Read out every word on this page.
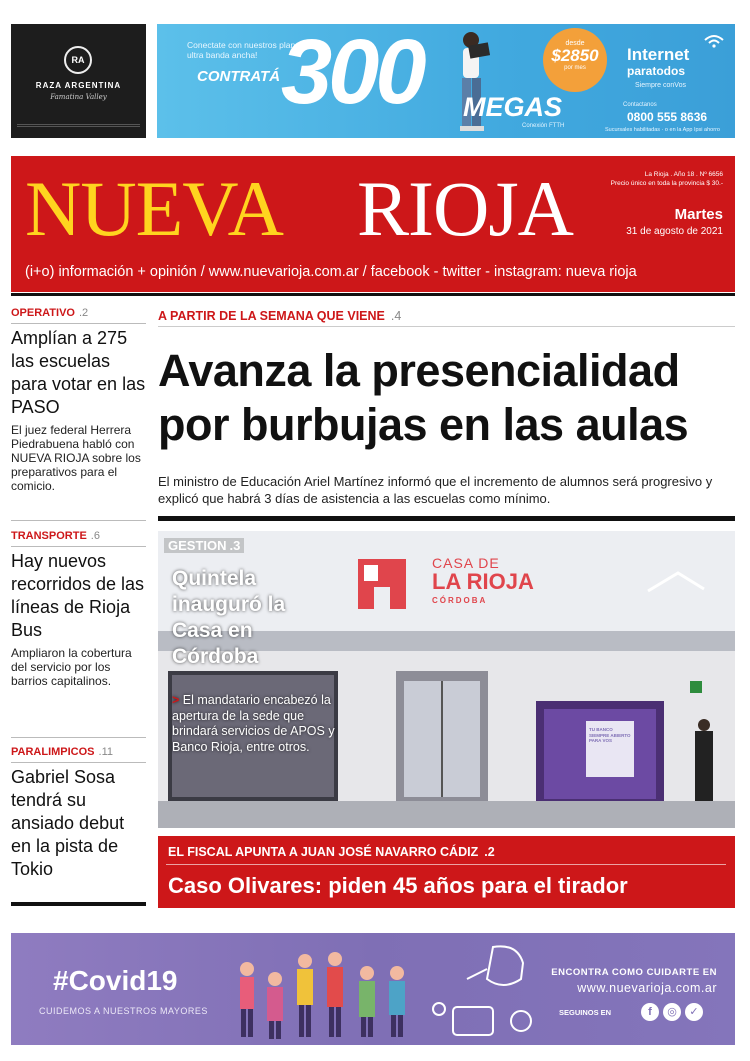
RA
RAZA ARGENTINA
Famatina Valley
Conectate con nuestros planes ultra banda ancha!
CONTRATÁ 300 MEGAS
Conexión FTTH
desde
$2850
por mes
Internet
paratodos
Siempre conVos
Contactanos
0800 555 8636
Sucursales habilitadas · o en la App Ipsi ahorro
NUEVA RIOJA	La Rioja . Año 18 . Nº 6656
Precio único en toda la provincia $ 30.-
Martes
31 de agosto de 2021
(i+o) información + opinión / www.nuevarioja.com.ar / facebook - twitter - instagram: nueva rioja
OPERATIVO .2
Amplían a 275 las escuelas para votar en las PASO
El juez federal Herrera Piedrabuena habló con NUEVA RIOJA sobre los preparativos para el comicio.
TRANSPORTE .6
Hay nuevos recorridos de las líneas de Rioja Bus
Ampliaron la cobertura del servicio por los barrios capitalinos.
PARALIMPICOS .11
Gabriel Sosa tendrá su ansiado debut en la pista de Tokio
A PARTIR DE LA SEMANA QUE VIENE .4
Avanza la presencialidad por burbujas en las aulas
El ministro de Educación Ariel Martínez informó que el incremento de alumnos será progresivo y explicó que habrá 3 días de asistencia a las escuelas como mínimo.
CASA DE
LA RIOJA
CÓRDOBA
TU BANCO SIEMPRE ABIERTO PARA VOS
GESTION .3
Quintela inauguró la Casa en Córdoba
> El mandatario encabezó la apertura de la sede que brindará servicios de APOS y Banco Rioja, entre otros.
EL FISCAL APUNTA A JUAN JOSÉ NAVARRO CÁDIZ .2
Caso Olivares: piden 45 años para el tirador
#Covid19
CUIDEMOS A NUESTROS MAYORES
ENCONTRA COMO CUIDARTE EN
www.nuevarioja.com.ar
SEGUINOS EN	f	◎	✓
